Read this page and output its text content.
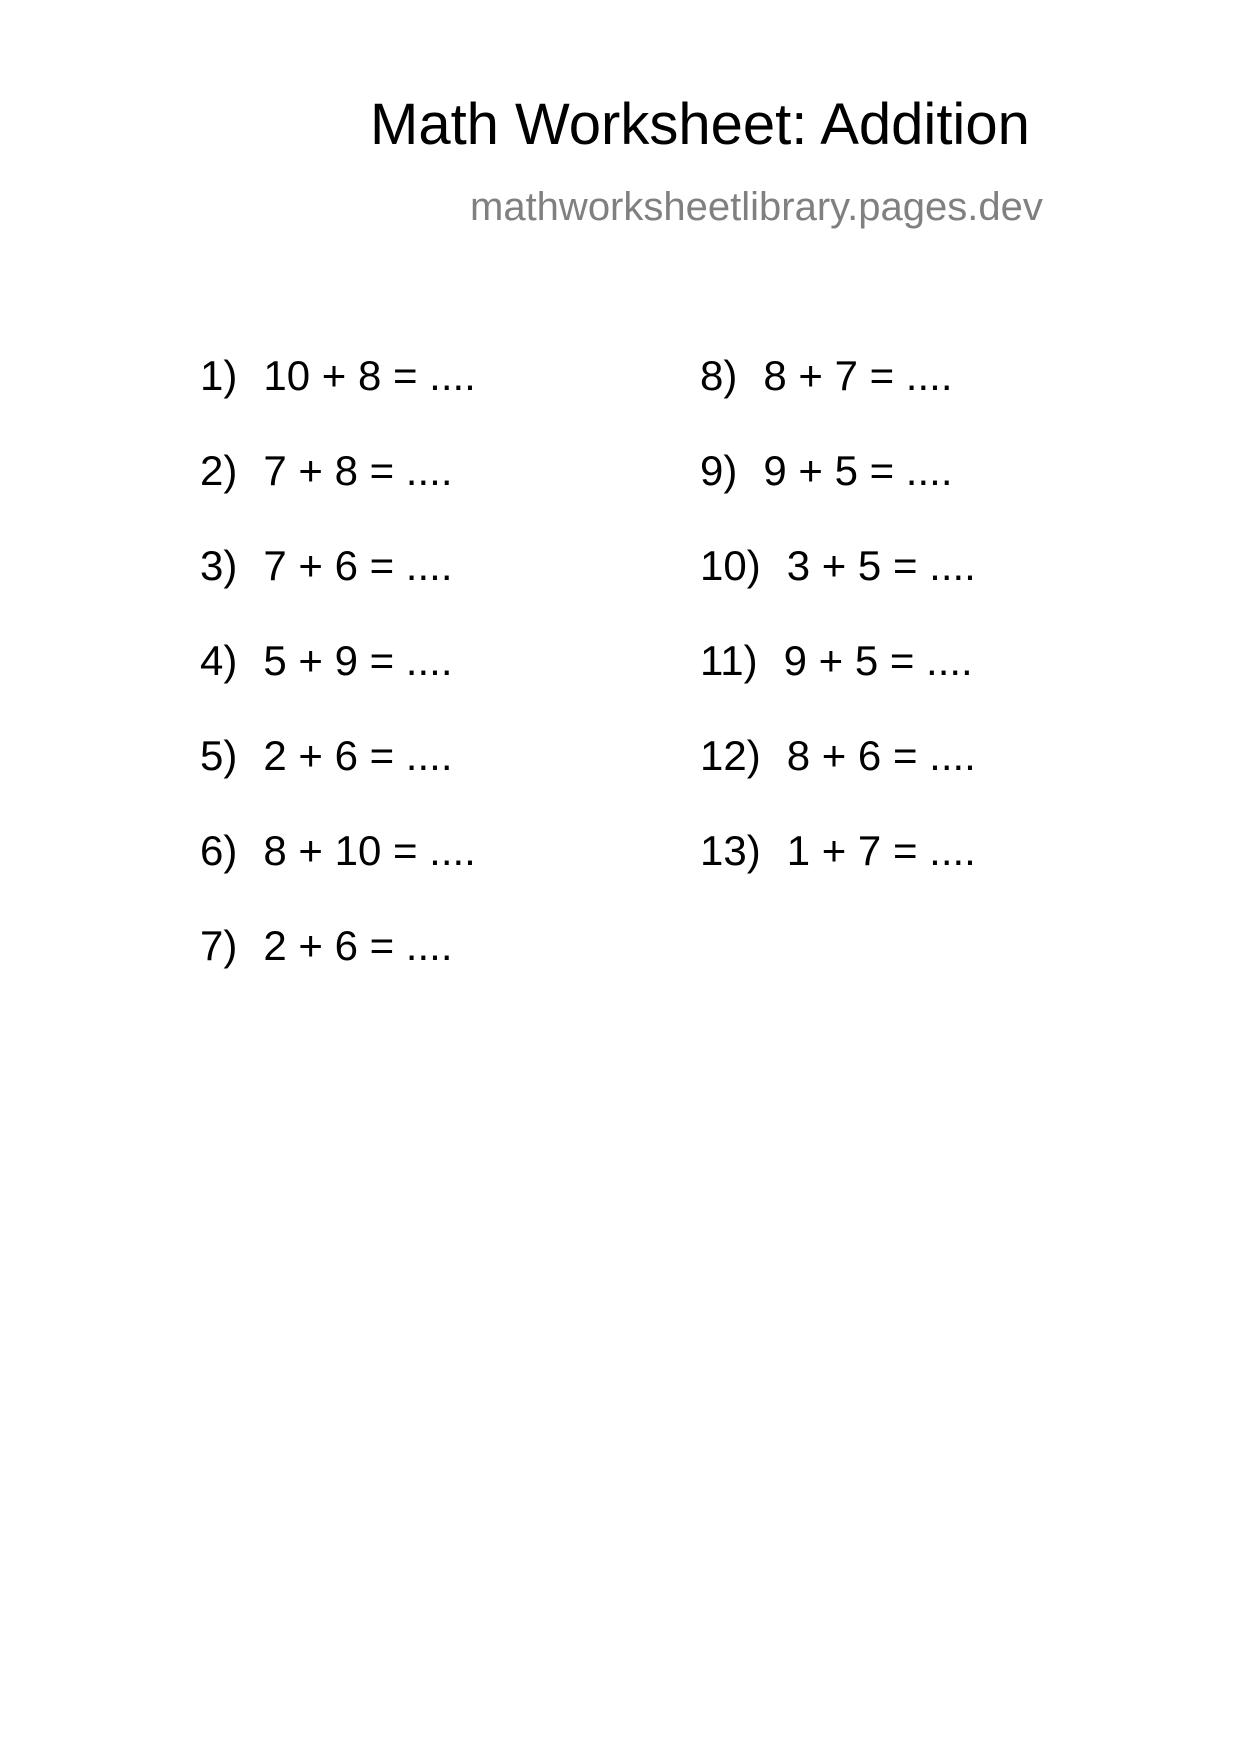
Math Worksheet: Addition
mathworksheetlibrary.pages.dev
1) 10 + 8 = ....
2) 7 + 8 = ....
3) 7 + 6 = ....
4) 5 + 9 = ....
5) 2 + 6 = ....
6) 8 + 10 = ....
7) 2 + 6 = ....
8) 8 + 7 = ....
9) 9 + 5 = ....
10) 3 + 5 = ....
11) 9 + 5 = ....
12) 8 + 6 = ....
13) 1 + 7 = ....
